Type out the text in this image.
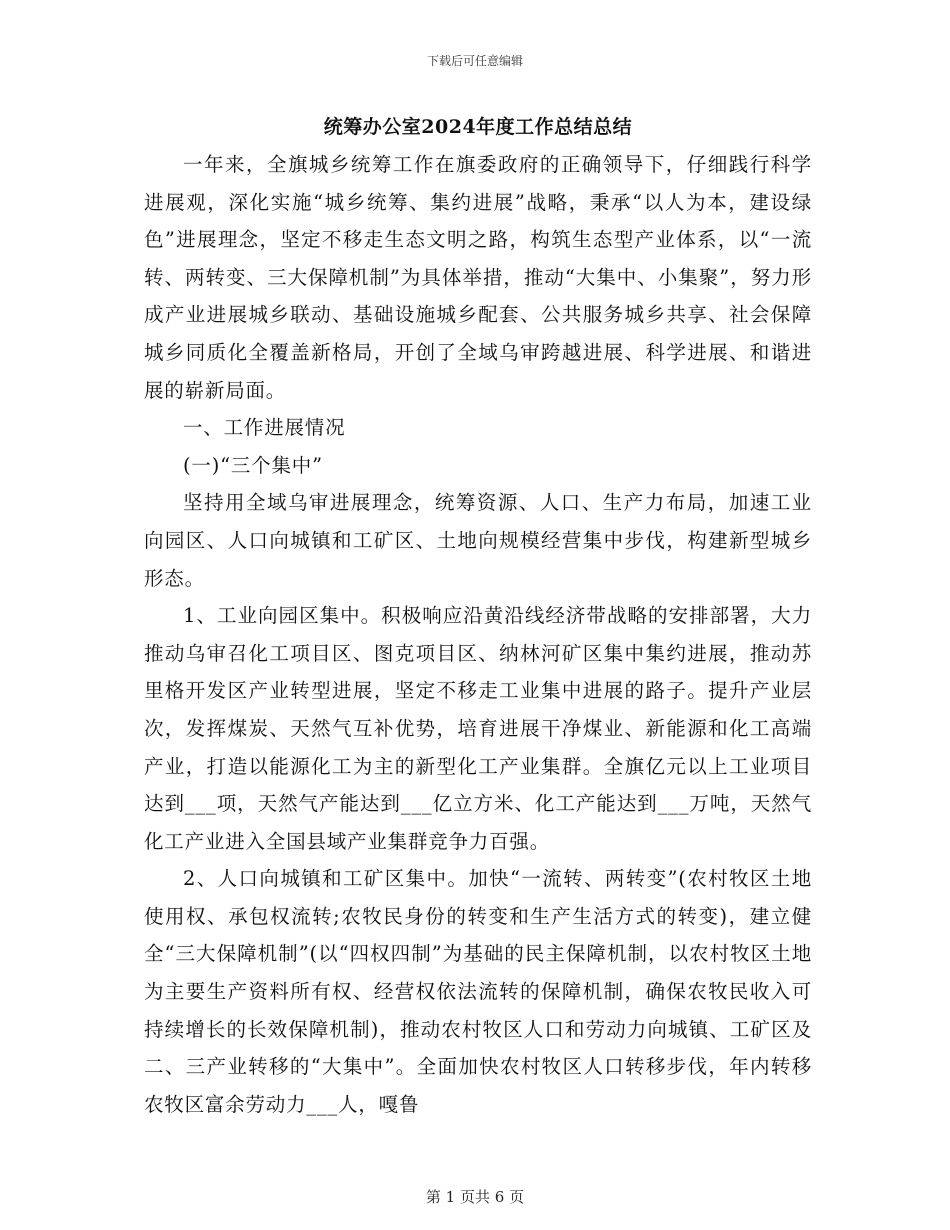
下载后可任意编辑
统筹办公室2024年度工作总结总结

一年来，全旗城乡统筹工作在旗委政府的正确领导下，仔细践行科学进展观，深化实施“城乡统筹、集约进展”战略，秉承“以人为本，建设绿色”进展理念，坚定不移走生态文明之路，构筑生态型产业体系，以“一流转、两转变、三大保障机制”为具体举措，推动“大集中、小集聚”，努力形成产业进展城乡联动、基础设施城乡配套、公共服务城乡共享、社会保障城乡同质化全覆盖新格局，开创了全域乌审跨越进展、科学进展、和谐进展的崭新局面。

一、工作进展情况

(一)“三个集中”

坚持用全域乌审进展理念，统筹资源、人口、生产力布局，加速工业向园区、人口向城镇和工矿区、土地向规模经营集中步伐，构建新型城乡形态。

1、工业向园区集中。积极响应沿黄沿线经济带战略的安排部署，大力推动乌审召化工项目区、图克项目区、纳林河矿区集中集约进展，推动苏里格开发区产业转型进展，坚定不移走工业集中进展的路子。提升产业层次，发挥煤炭、天然气互补优势，培育进展干净煤业、新能源和化工高端产业，打造以能源化工为主的新型化工产业集群。全旗亿元以上工业项目达到___项，天然气产能达到___亿立方米、化工产能达到___万吨，天然气化工产业进入全国县域产业集群竞争力百强。

2、人口向城镇和工矿区集中。加快“一流转、两转变”(农村牧区土地使用权、承包权流转;农牧民身份的转变和生产生活方式的转变)，建立健全“三大保障机制”(以“四权四制”为基础的民主保障机制，以农村牧区土地为主要生产资料所有权、经营权依法流转的保障机制，确保农牧民收入可持续增长的长效保障机制)，推动农村牧区人口和劳动力向城镇、工矿区及二、三产业转移的“大集中”。全面加快农村牧区人口转移步伐，年内转移农牧区富余劳动力___人，嘎鲁

第 1 页共 6 页
